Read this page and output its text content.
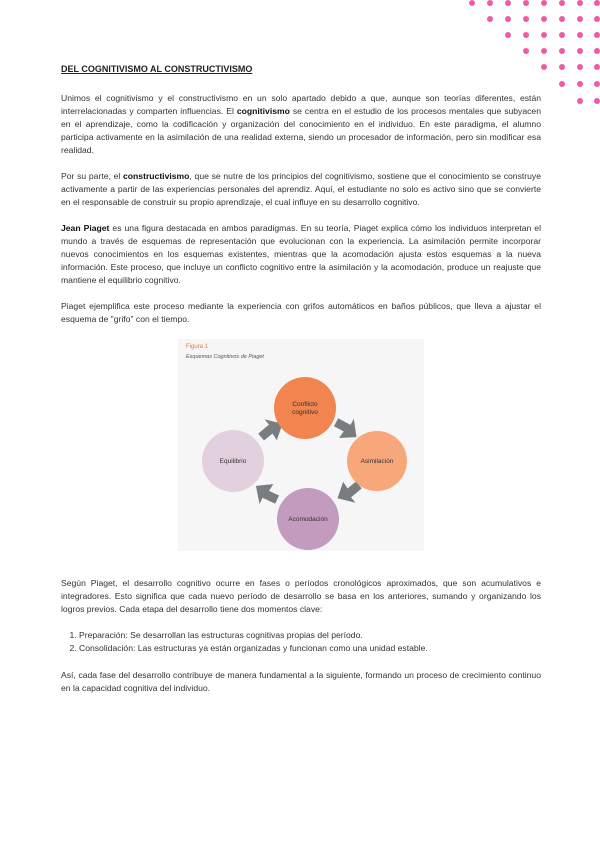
DEL COGNITIVISMO AL CONSTRUCTIVISMO

Unimos el cognitivismo y el constructivismo en un solo apartado debido a que, aunque son teorías diferentes, están interrelacionadas y comparten influencias. El cognitivismo se centra en el estudio de los procesos mentales que subyacen en el aprendizaje, como la codificación y organización del conocimiento en el individuo. En este paradigma, el alumno participa activamente en la asimilación de una realidad externa, siendo un procesador de información, pero sin modificar esa realidad.

Por su parte, el constructivismo, que se nutre de los principios del cognitivismo, sostiene que el conocimiento se construye activamente a partir de las experiencias personales del aprendiz. Aquí, el estudiante no solo es activo sino que se convierte en el responsable de construir su propio aprendizaje, el cual influye en su desarrollo cognitivo.

Jean Piaget es una figura destacada en ambos paradigmas. En su teoría, Piaget explica cómo los individuos interpretan el mundo a través de esquemas de representación que evolucionan con la experiencia. La asimilación permite incorporar nuevos conocimientos en los esquemas existentes, mientras que la acomodación ajusta estos esquemas a la nueva información. Este proceso, que incluye un conflicto cognitivo entre la asimilación y la acomodación, produce un reajuste que mantiene el equilibrio cognitivo.

Piaget ejemplifica este proceso mediante la experiencia con grifos automáticos en baños públicos, que lleva a ajustar el esquema de "grifo" con el tiempo.

Figura 1
Esquemas Cognitivos de Piaget
Conflicto
cognitivo
Asimilación
Acomodación
Equilibrio

Según Piaget, el desarrollo cognitivo ocurre en fases o períodos cronológicos aproximados, que son acumulativos e integradores. Esto significa que cada nuevo período de desarrollo se basa en los anteriores, sumando y organizando los logros previos. Cada etapa del desarrollo tiene dos momentos clave:

1. Preparación: Se desarrollan las estructuras cognitivas propias del período.
2. Consolidación: Las estructuras ya están organizadas y funcionan como una unidad estable.

Así, cada fase del desarrollo contribuye de manera fundamental a la siguiente, formando un proceso de crecimiento continuo en la capacidad cognitiva del individuo.
